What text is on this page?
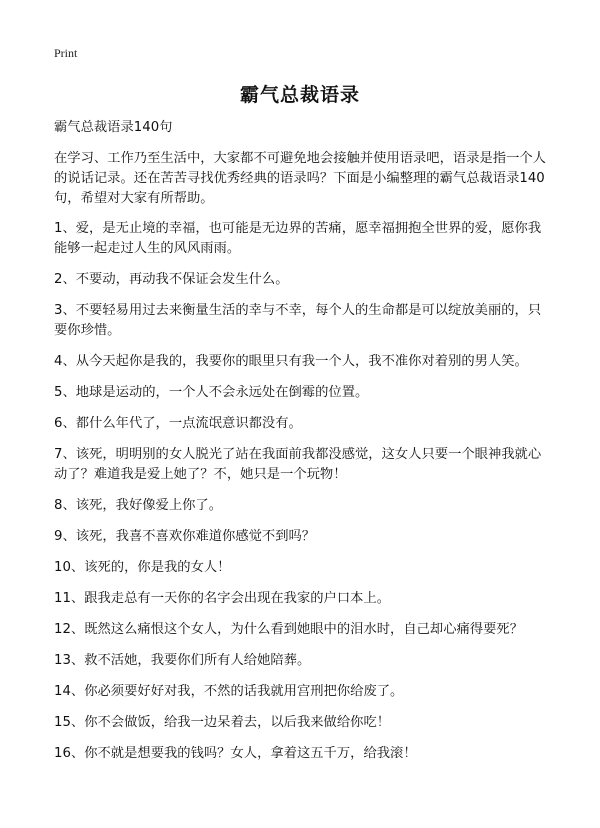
Print
霸气总裁语录

霸气总裁语录140句

在学习、工作乃至生活中，大家都不可避免地会接触并使用语录吧，语录是指一个人的说话记录。还在苦苦寻找优秀经典的语录吗？下面是小编整理的霸气总裁语录140句，希望对大家有所帮助。

1、爱，是无止境的幸福，也可能是无边界的苦痛，愿幸福拥抱全世界的爱，愿你我能够一起走过人生的风风雨雨。

2、不要动，再动我不保证会发生什么。

3、不要轻易用过去来衡量生活的幸与不幸，每个人的生命都是可以绽放美丽的，只要你珍惜。

4、从今天起你是我的，我要你的眼里只有我一个人，我不准你对着别的男人笑。

5、地球是运动的，一个人不会永远处在倒霉的位置。

6、都什么年代了，一点流氓意识都没有。

7、该死，明明别的女人脱光了站在我面前我都没感觉，这女人只要一个眼神我就心动了？难道我是爱上她了？不，她只是一个玩物！

8、该死，我好像爱上你了。

9、该死，我喜不喜欢你难道你感觉不到吗？

10、该死的，你是我的女人！

11、跟我走总有一天你的名字会出现在我家的户口本上。

12、既然这么痛恨这个女人，为什么看到她眼中的泪水时，自己却心痛得要死？

13、救不活她，我要你们所有人给她陪葬。

14、你必须要好好对我，不然的话我就用宫刑把你给废了。

15、你不会做饭，给我一边呆着去，以后我来做给你吃！

16、你不就是想要我的钱吗？女人，拿着这五千万，给我滚！
